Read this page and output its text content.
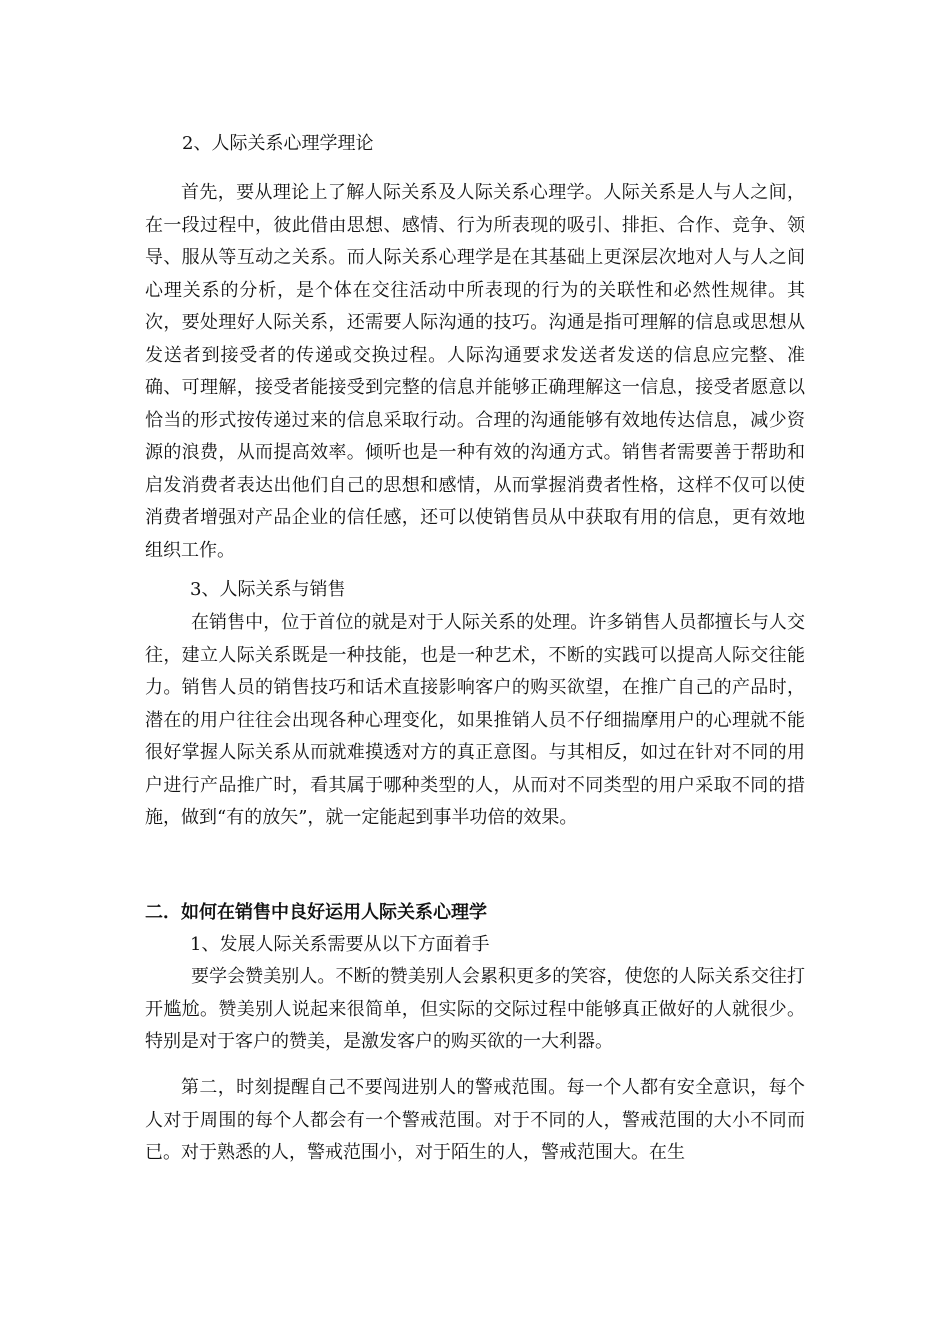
2、人际关系心理学理论

首先，要从理论上了解人际关系及人际关系心理学。人际关系是人与人之间，在一段过程中，彼此借由思想、感情、行为所表现的吸引、排拒、合作、竞争、领导、服从等互动之关系。而人际关系心理学是在其基础上更深层次地对人与人之间心理关系的分析，是个体在交往活动中所表现的行为的关联性和必然性规律。其次，要处理好人际关系，还需要人际沟通的技巧。沟通是指可理解的信息或思想从发送者到接受者的传递或交换过程。人际沟通要求发送者发送的信息应完整、准确、可理解，接受者能接受到完整的信息并能够正确理解这一信息，接受者愿意以恰当的形式按传递过来的信息采取行动。合理的沟通能够有效地传达信息，减少资源的浪费，从而提高效率。倾听也是一种有效的沟通方式。销售者需要善于帮助和启发消费者表达出他们自己的思想和感情，从而掌握消费者性格，这样不仅可以使消费者增强对产品企业的信任感，还可以使销售员从中获取有用的信息，更有效地组织工作。

3、人际关系与销售

在销售中，位于首位的就是对于人际关系的处理。许多销售人员都擅长与人交往，建立人际关系既是一种技能，也是一种艺术，不断的实践可以提高人际交往能力。销售人员的销售技巧和话术直接影响客户的购买欲望，在推广自己的产品时，潜在的用户往往会出现各种心理变化，如果推销人员不仔细揣摩用户的心理就不能很好掌握人际关系从而就难摸透对方的真正意图。与其相反，如过在针对不同的用户进行产品推广时，看其属于哪种类型的人，从而对不同类型的用户采取不同的措施，做到“有的放矢”，就一定能起到事半功倍的效果。

二．如何在销售中良好运用人际关系心理学

1、发展人际关系需要从以下方面着手

要学会赞美别人。不断的赞美别人会累积更多的笑容，使您的人际关系交往打开尴尬。赞美别人说起来很简单，但实际的交际过程中能够真正做好的人就很少。特别是对于客户的赞美，是激发客户的购买欲的一大利器。

第二，时刻提醒自己不要闯进别人的警戒范围。每一个人都有安全意识，每个人对于周围的每个人都会有一个警戒范围。对于不同的人，警戒范围的大小不同而已。对于熟悉的人，警戒范围小，对于陌生的人，警戒范围大。在生
